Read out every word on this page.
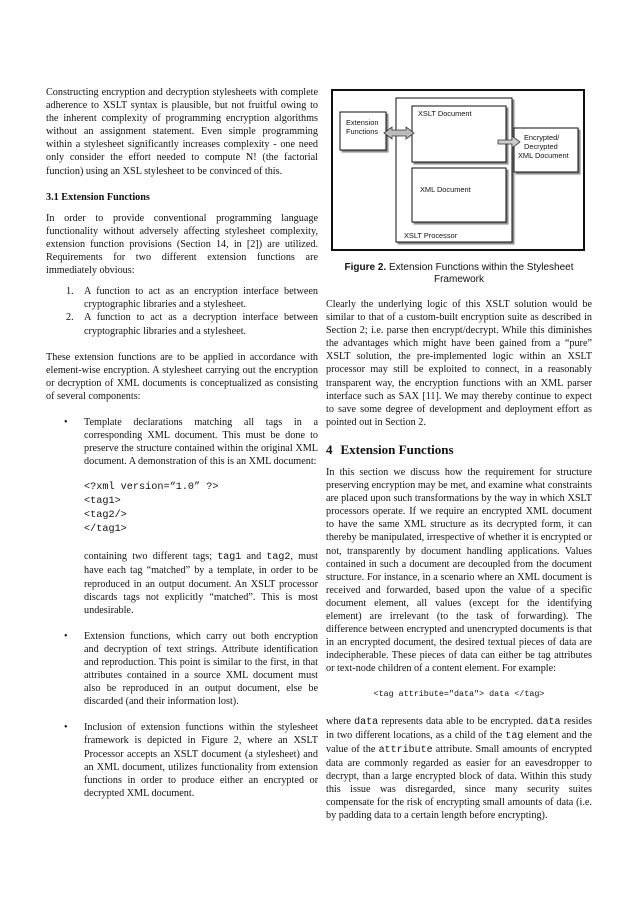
Constructing encryption and decryption stylesheets with complete adherence to XSLT syntax is plausible, but not fruitful owing to the inherent complexity of programming encryption algorithms without an assignment statement. Even simple programming within a stylesheet significantly increases complexity - one need only consider the effort needed to compute N! (the factorial function) using an XSL stylesheet to be convinced of this.

3.1 Extension Functions

In order to provide conventional programming language functionality without adversely affecting stylesheet complexity, extension function provisions (Section 14, in [2]) are utilized. Requirements for two different extension functions are immediately obvious:

1. A function to act as an encryption interface between cryptographic libraries and a stylesheet.
2. A function to act as a decryption interface between cryptographic libraries and a stylesheet.

These extension functions are to be applied in accordance with element-wise encryption. A stylesheet carrying out the encryption or decryption of XML documents is conceptualized as consisting of several components:

• Template declarations matching all tags in a corresponding XML document. This must be done to preserve the structure contained within the original XML document. A demonstration of this is an XML document:

<?xml version=“1.0” ?>
<tag1>
<tag2/>
</tag1>

containing two different tags; tag1 and tag2, must have each tag “matched” by a template, in order to be reproduced in an output document. An XSLT processor discards tags not explicitly “matched”. This is most undesirable.

• Extension functions, which carry out both encryption and decryption of text strings. Attribute identification and reproduction. This point is similar to the first, in that attributes contained in a source XML document must also be reproduced in an output document, else be discarded (and their information lost).

• Inclusion of extension functions within the stylesheet framework is depicted in Figure 2, where an XSLT Processor accepts an XSLT document (a stylesheet) and an XML document, utilizes functionality from extension functions in order to produce either an encrypted or decrypted XML document.

XSLT Processor
XSLT Document
XML Document
Extension
Functions
Encrypted/
Decrypted
XML Document
Figure 2. Extension Functions within the Stylesheet Framework

Clearly the underlying logic of this XSLT solution would be similar to that of a custom-built encryption suite as described in Section 2; i.e. parse then encrypt/decrypt. While this diminishes the advantages which might have been gained from a “pure” XSLT solution, the pre-implemented logic within an XSLT processor may still be exploited to connect, in a reasonably transparent way, the encryption functions with an XML parser interface such as SAX [11]. We may thereby continue to expect to save some degree of development and deployment effort as pointed out in Section 2.

4 Extension Functions

In this section we discuss how the requirement for structure preserving encryption may be met, and examine what constraints are placed upon such transformations by the way in which XSLT processors operate. If we require an encrypted XML document to have the same XML structure as its decrypted form, it can thereby be manipulated, irrespective of whether it is encrypted or not, transparently by document handling applications. Values contained in such a document are decoupled from the document structure. For instance, in a scenario where an XML document is received and forwarded, based upon the value of a specific document element, all values (except for the identifying element) are irrelevant (to the task of forwarding). The difference between encrypted and unencrypted documents is that in an encrypted document, the desired textual pieces of data are indecipherable. These pieces of data can either be tag attributes or text-node children of a content element. For example:

<tag attribute="data"> data </tag>

where data represents data able to be encrypted. data resides in two different locations, as a child of the tag element and the value of the attribute attribute. Small amounts of encrypted data are commonly regarded as easier for an eavesdropper to decrypt, than a large encrypted block of data. Within this study this issue was disregarded, since many security suites compensate for the risk of encrypting small amounts of data (i.e. by padding data to a certain length before encrypting).
